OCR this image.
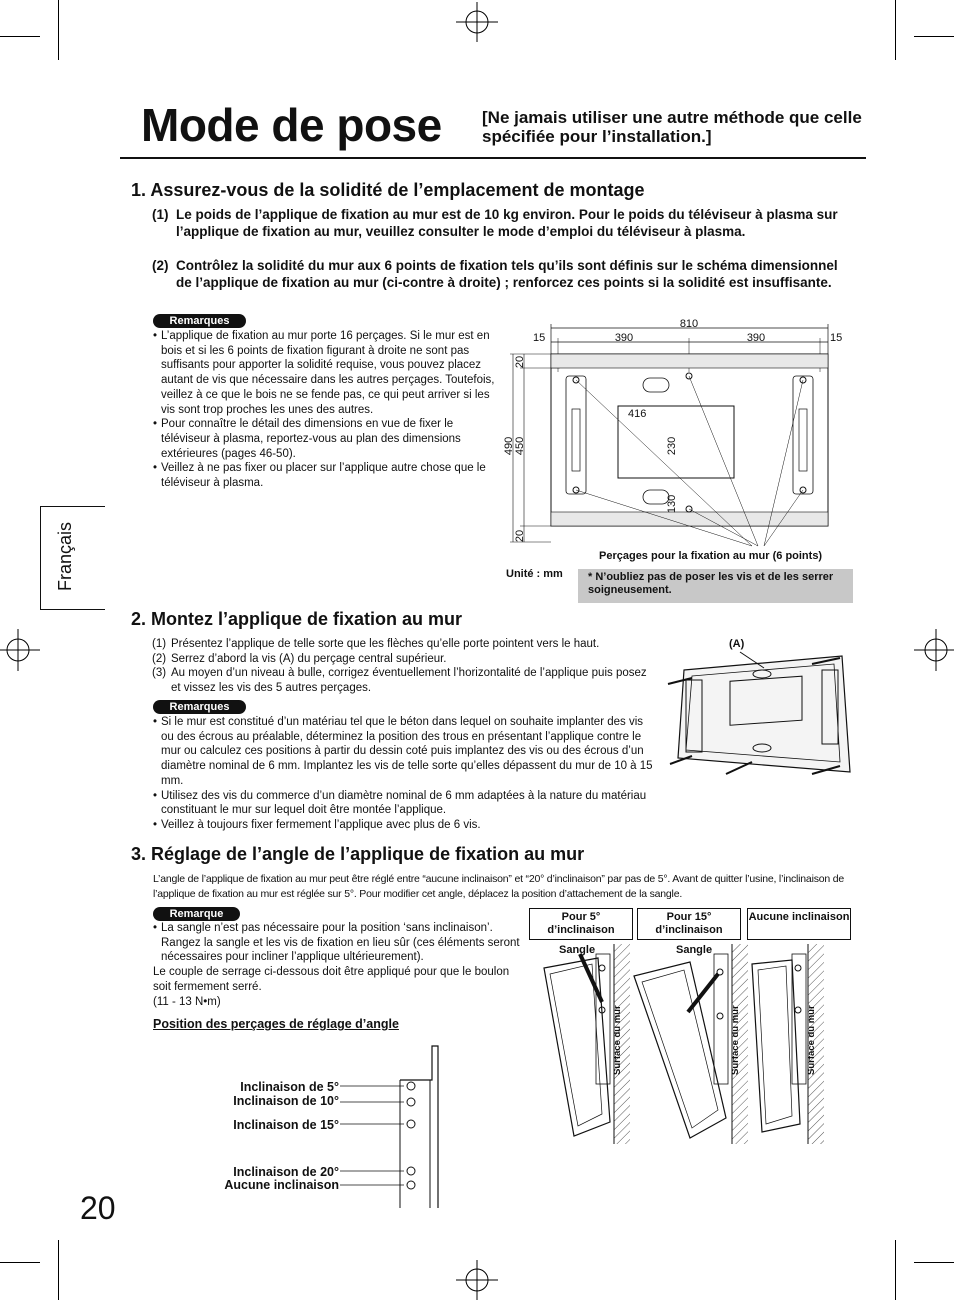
Mode de pose [Ne jamais utiliser une autre méthode que celle spécifiée pour l’installation.]
Français
1. Assurez-vous de la solidité de l’emplacement de montage
(1) Le poids de l’applique de fixation au mur est de 10 kg environ. Pour le poids du téléviseur à plasma sur l’applique de fixation au mur, veuillez consulter le mode d’emploi du téléviseur à plasma.
(2) Contrôlez la solidité du mur aux 6 points de fixation tels qu’ils sont définis sur le schéma dimensionnel de l’applique de fixation au mur (ci-contre à droite) ; renforcez ces points si la solidité est insuffisante.
Remarques
• L’applique de fixation au mur porte 16 perçages. Si le mur est en bois et si les 6 points de fixation figurant à droite ne sont pas suffisants pour apporter la solidité requise, vous pouvez placez autant de vis que nécessaire dans les autres perçages. Toutefois, veillez à ce que le bois ne se fende pas, ce qui peut arriver si les vis sont trop proches les unes des autres.
• Pour connaître le détail des dimensions en vue de fixer le téléviseur à plasma, reportez-vous au plan des dimensions extérieures (pages 46-50).
• Veillez à ne pas fixer ou placer sur l’applique autre chose que le téléviseur à plasma.
810
15	390	390	15
20
490 450
20
416
230
130
Perçages pour la fixation au mur (6 points)
Unité : mm	* N’oubliez pas de poser les vis et de les serrer soigneusement.
2. Montez l’applique de fixation au mur
(1) Présentez l’applique de telle sorte que les flèches qu’elle porte pointent vers le haut.
(2) Serrez d’abord la vis (A) du perçage central supérieur.
(3) Au moyen d’un niveau à bulle, corrigez éventuellement l’horizontalité de l’applique puis posez et vissez les vis des 5 autres perçages.
Remarques
• Si le mur est constitué d’un matériau tel que le béton dans lequel on souhaite implanter des vis ou des écrous au préalable, déterminez la position des trous en présentant l’applique contre le mur ou calculez ces positions à partir du dessin coté puis implantez des vis ou des écrous d’un diamètre nominal de 6 mm. Implantez les vis de telle sorte qu’elles dépassent du mur de 10 à 15 mm.
• Utilisez des vis du commerce d’un diamètre nominal de 6 mm adaptées à la nature du matériau constituant le mur sur lequel doit être montée l’applique.
• Veillez à toujours fixer fermement l’applique avec plus de 6 vis.
(A)
3. Réglage de l’angle de l’applique de fixation au mur
L’angle de l’applique de fixation au mur peut être réglé entre “aucune inclinaison” et “20° d’inclinaison” par pas de 5°. Avant de quitter l’usine, l’inclinaison de l’applique de fixation au mur est réglée sur 5°. Pour modifier cet angle, déplacez la position d’attachement de la sangle.
Remarque
• La sangle n’est pas nécessaire pour la position ‘sans inclinaison’. Rangez la sangle et les vis de fixation en lieu sûr (ces éléments seront nécessaires pour incliner l’applique ultérieurement).
Le couple de serrage ci-dessous doit être appliqué pour que le boulon soit fermement serré.
(11 - 13 N•m)
Position des perçages de réglage d’angle
Inclinaison de 5°
Inclinaison de 10°
Inclinaison de 15°
Inclinaison de 20°
Aucune inclinaison
Pour 5° d’inclinaison
Pour 15° d’inclinaison
Aucune inclinaison
Sangle	Sangle
Surface du mur	Surface du mur	Surface du mur
20
